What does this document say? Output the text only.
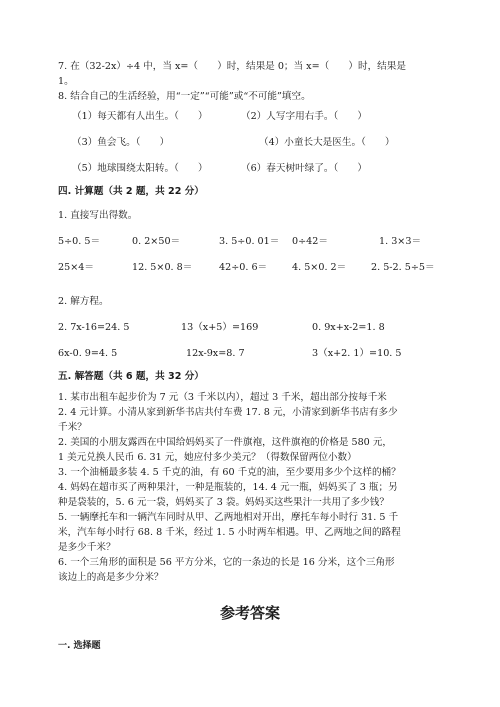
7. 在（32-2x）÷4 中，当 x=（　　）时，结果是 0；当 x=（　　）时，结果是
1。
8. 结合自己的生活经验，用“一定”“可能”或“不可能”填空。
（1）每天都有人出生。（　　）	（2）人写字用右手。（　　）
（3）鱼会飞。（　　）	（4）小童长大是医生。（　　）
（5）地球围绕太阳转。（　　）	（6）春天树叶绿了。（　　）
四. 计算题（共 2 题，共 22 分）
1. 直接写出得数。
5÷0. 5＝	0. 2×50＝	3. 5÷0. 01＝ 0÷42＝	1. 3×3＝
25×4＝	12. 5×0. 8＝	42÷0. 6＝	4. 5×0. 2＝	2. 5-2. 5÷5＝
2. 解方程。
2. 7x-16=24. 5	13（x+5）=169	0. 9x+x-2=1. 8
6x-0. 9=4. 5	12x-9x=8. 7	3（x+2. 1）=10. 5
五. 解答题（共 6 题，共 32 分）
1. 某市出租车起步价为 7 元（3 千米以内），超过 3 千米，超出部分按每千米
2. 4 元计算。小清从家到新华书店共付车费 17. 8 元，小清家到新华书店有多少
千米？
2. 美国的小朋友露西在中国给妈妈买了一件旗袍，这件旗袍的价格是 580 元，
1 美元兑换人民币 6. 31 元，她应付多少美元？（得数保留两位小数）
3. 一个油桶最多装 4. 5 千克的油，有 60 千克的油，至少要用多少个这样的桶？
4. 妈妈在超市买了两种果汁，一种是瓶装的，14. 4 元一瓶，妈妈买了 3 瓶；另
种是袋装的，5. 6 元一袋，妈妈买了 3 袋。妈妈买这些果汁一共用了多少钱？
5. 一辆摩托车和一辆汽车同时从甲、乙两地相对开出，摩托车每小时行 31. 5 千
米，汽车每小时行 68. 8 千米，经过 1. 5 小时两车相遇。甲、乙两地之间的路程
是多少千米？
6. 一个三角形的面积是 56 平方分米，它的一条边的长是 16 分米，这个三角形
该边上的高是多少分米？
参考答案
一. 选择题
